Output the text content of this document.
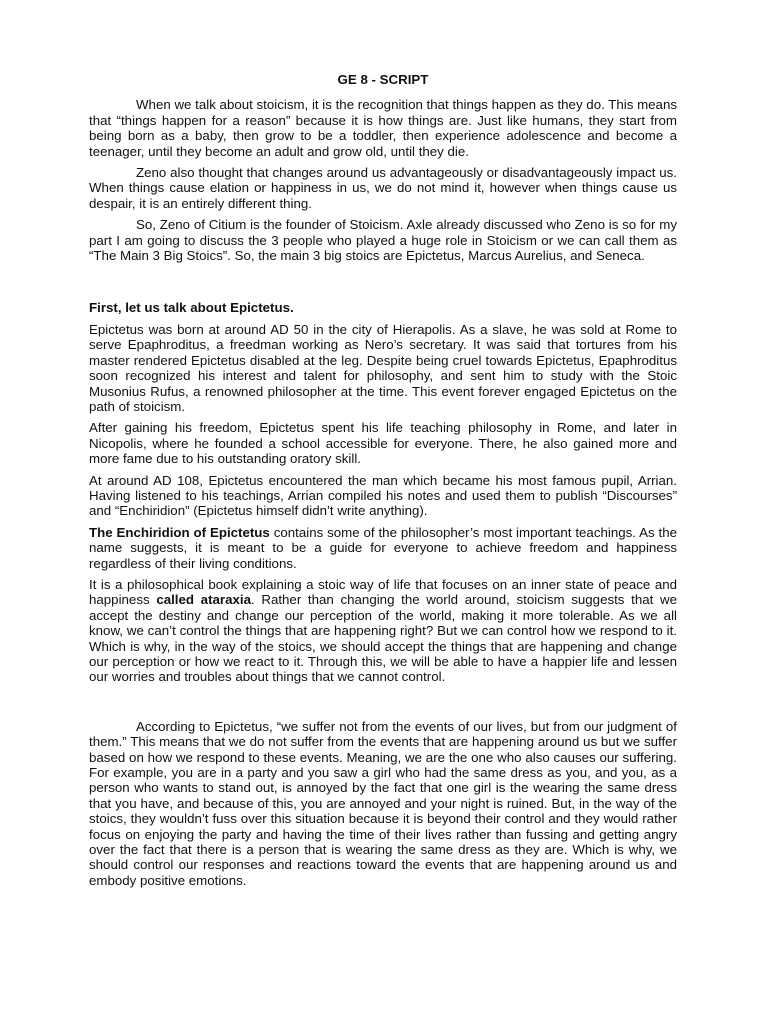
GE 8 - SCRIPT

When we talk about stoicism, it is the recognition that things happen as they do. This means that “things happen for a reason” because it is how things are. Just like humans, they start from being born as a baby, then grow to be a toddler, then experience adolescence and become a teenager, until they become an adult and grow old, until they die.

Zeno also thought that changes around us advantageously or disadvantageously impact us. When things cause elation or happiness in us, we do not mind it, however when things cause us despair, it is an entirely different thing.

So, Zeno of Citium is the founder of Stoicism. Axle already discussed who Zeno is so for my part I am going to discuss the 3 people who played a huge role in Stoicism or we can call them as “The Main 3 Big Stoics”. So, the main 3 big stoics are Epictetus, Marcus Aurelius, and Seneca.

First, let us talk about Epictetus.

Epictetus was born at around AD 50 in the city of Hierapolis. As a slave, he was sold at Rome to serve Epaphroditus, a freedman working as Nero’s secretary. It was said that tortures from his master rendered Epictetus disabled at the leg. Despite being cruel towards Epictetus, Epaphroditus soon recognized his interest and talent for philosophy, and sent him to study with the Stoic Musonius Rufus, a renowned philosopher at the time. This event forever engaged Epictetus on the path of stoicism.

After gaining his freedom, Epictetus spent his life teaching philosophy in Rome, and later in Nicopolis, where he founded a school accessible for everyone. There, he also gained more and more fame due to his outstanding oratory skill.

At around AD 108, Epictetus encountered the man which became his most famous pupil, Arrian. Having listened to his teachings, Arrian compiled his notes and used them to publish “Discourses” and “Enchiridion” (Epictetus himself didn’t write anything).

The Enchiridion of Epictetus contains some of the philosopher’s most important teachings. As the name suggests, it is meant to be a guide for everyone to achieve freedom and happiness regardless of their living conditions.

It is a philosophical book explaining a stoic way of life that focuses on an inner state of peace and happiness called ataraxia. Rather than changing the world around, stoicism suggests that we accept the destiny and change our perception of the world, making it more tolerable. As we all know, we can’t control the things that are happening right? But we can control how we respond to it. Which is why, in the way of the stoics, we should accept the things that are happening and change our perception or how we react to it. Through this, we will be able to have a happier life and lessen our worries and troubles about things that we cannot control.

According to Epictetus, “we suffer not from the events of our lives, but from our judgment of them.” This means that we do not suffer from the events that are happening around us but we suffer based on how we respond to these events. Meaning, we are the one who also causes our suffering. For example, you are in a party and you saw a girl who had the same dress as you, and you, as a person who wants to stand out, is annoyed by the fact that one girl is the wearing the same dress that you have, and because of this, you are annoyed and your night is ruined. But, in the way of the stoics, they wouldn’t fuss over this situation because it is beyond their control and they would rather focus on enjoying the party and having the time of their lives rather than fussing and getting angry over the fact that there is a person that is wearing the same dress as they are. Which is why, we should control our responses and reactions toward the events that are happening around us and embody positive emotions.
